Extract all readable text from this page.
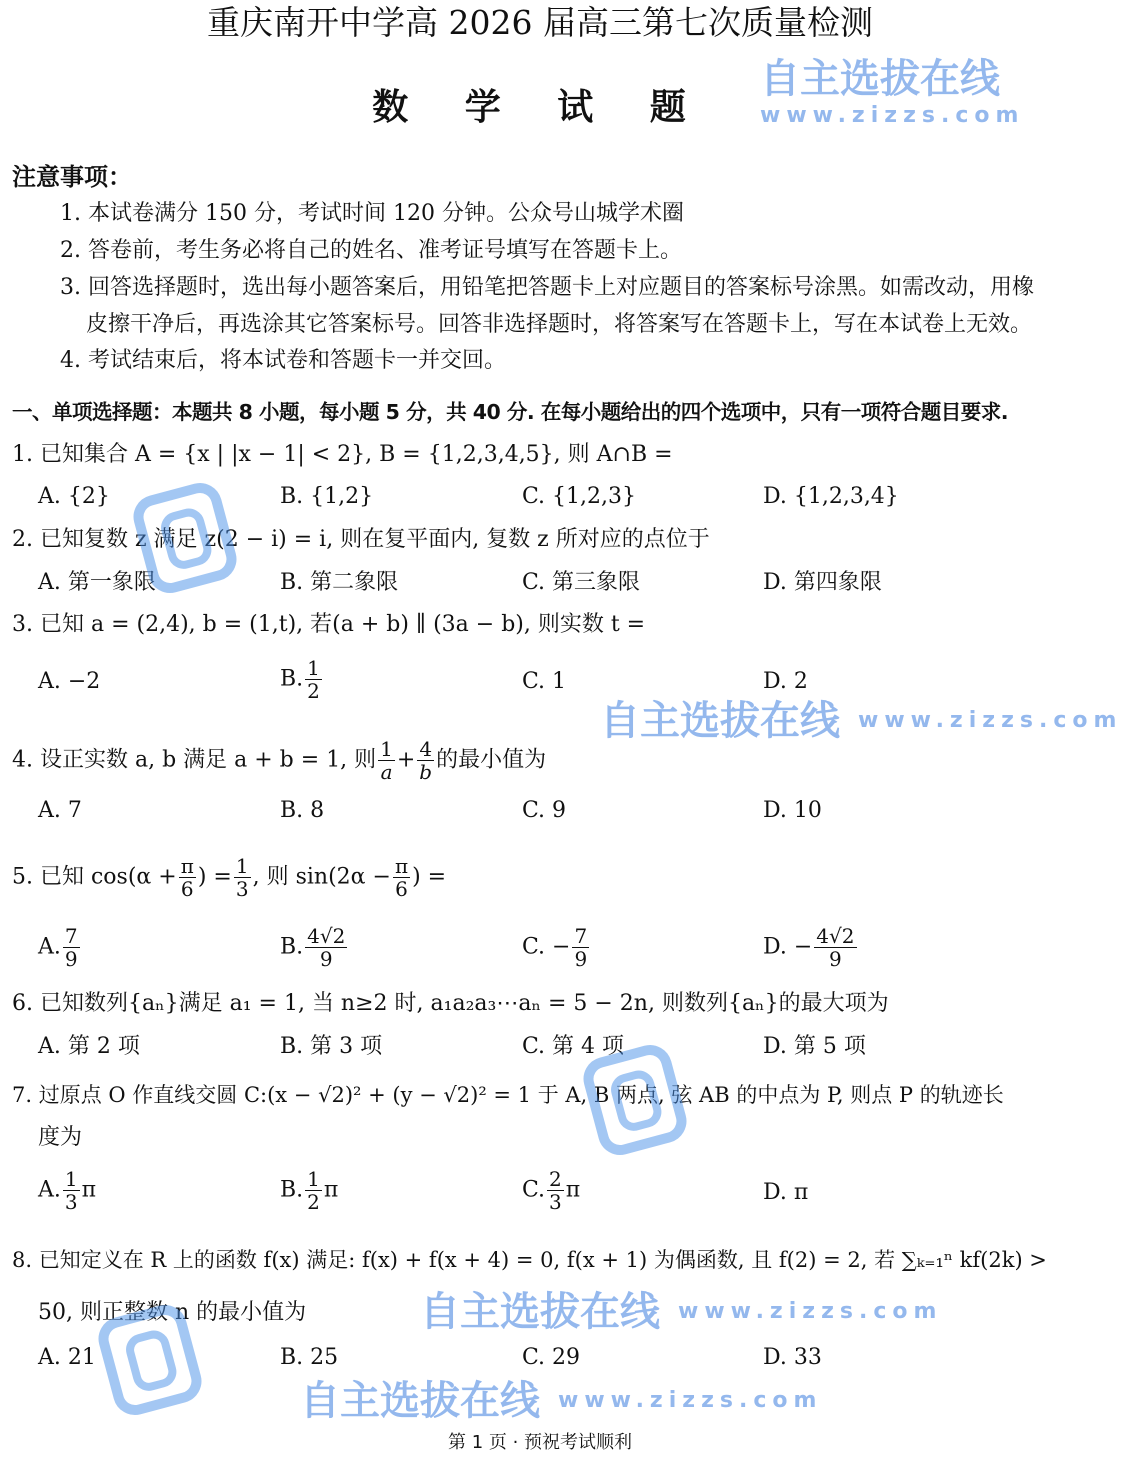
重庆南开中学高 2026 届高三第七次质量检测
数 学 试 题
注意事项：
1. 本试卷满分 150 分，考试时间 120 分钟。公众号山城学术圈
2. 答卷前，考生务必将自己的姓名、准考证号填写在答题卡上。
3. 回答选择题时，选出每小题答案后，用铅笔把答题卡上对应题目的答案标号涂黑。如需改动，用橡
皮擦干净后，再选涂其它答案标号。回答非选择题时，将答案写在答题卡上，写在本试卷上无效。
4. 考试结束后，将本试卷和答题卡一并交回。
一、单项选择题：本题共 8 小题，每小题 5 分，共 40 分. 在每小题给出的四个选项中，只有一项符合题目要求.
1. 已知集合 A = {x | |x − 1| < 2}, B = {1,2,3,4,5}, 则 A∩B =
A. {2}	B. {1,2}	C. {1,2,3}	D. {1,2,3,4}
2. 已知复数 z 满足 z(2 − i) = i, 则在复平面内, 复数 z 所对应的点位于
A. 第一象限	B. 第二象限	C. 第三象限	D. 第四象限
3. 已知 a = (2,4), b = (1,t), 若(a + b) ∥ (3a − b), 则实数 t =
A. −2	B. $\frac{1}{2}$	C. 1	D. 2
4. 设正实数 a, b 满足 a + b = 1, 则 $\frac{1}{a} + \frac{4}{b}$ 的最小值为
A. 7	B. 8	C. 9	D. 10
5. 已知 $\cos(\alpha + \frac{\pi}{6}$ ) = $\frac{1}{3}$ , 则 $\sin(2\alpha - \frac{\pi}{6}$ ) =
A. $\frac{7}{9}$	B. $\frac{4√2}{9}$	C. − $\frac{7}{9}$	D. − $\frac{4√2}{9}$
6. 已知数列{aₙ}满足 a₁ = 1, 当 n≥2 时, a₁a₂a₃⋯aₙ = 5 − 2n, 则数列{aₙ}的最大项为
A. 第 2 项	B. 第 3 项	C. 第 4 项	D. 第 5 项
7. 过原点 O 作直线交圆 C:(x − √2)² + (y − √2)² = 1 于 A, B 两点, 弦 AB 的中点为 P, 则点 P 的轨迹长
度为
A. $\frac{1}{3}$ π	B. $\frac{1}{2}$ π	C. $\frac{2}{3}$ π	D. π
8. 已知定义在 R 上的函数 f(x) 满足: f(x) + f(x + 4) = 0, f(x + 1) 为偶函数, 且 f(2) = 2, 若 ∑ₖ₌₁ⁿ kf(2k) >
50, 则正整数 n 的最小值为
A. 21	B. 25	C. 29	D. 33
第 1 页 · 预祝考试顺利
自主选拔在线
www.zizzs.com
自主选拔在线 www.zizzs.com
自主选拔在线 www.zizzs.com
自主选拔在线 www.zizzs.com
